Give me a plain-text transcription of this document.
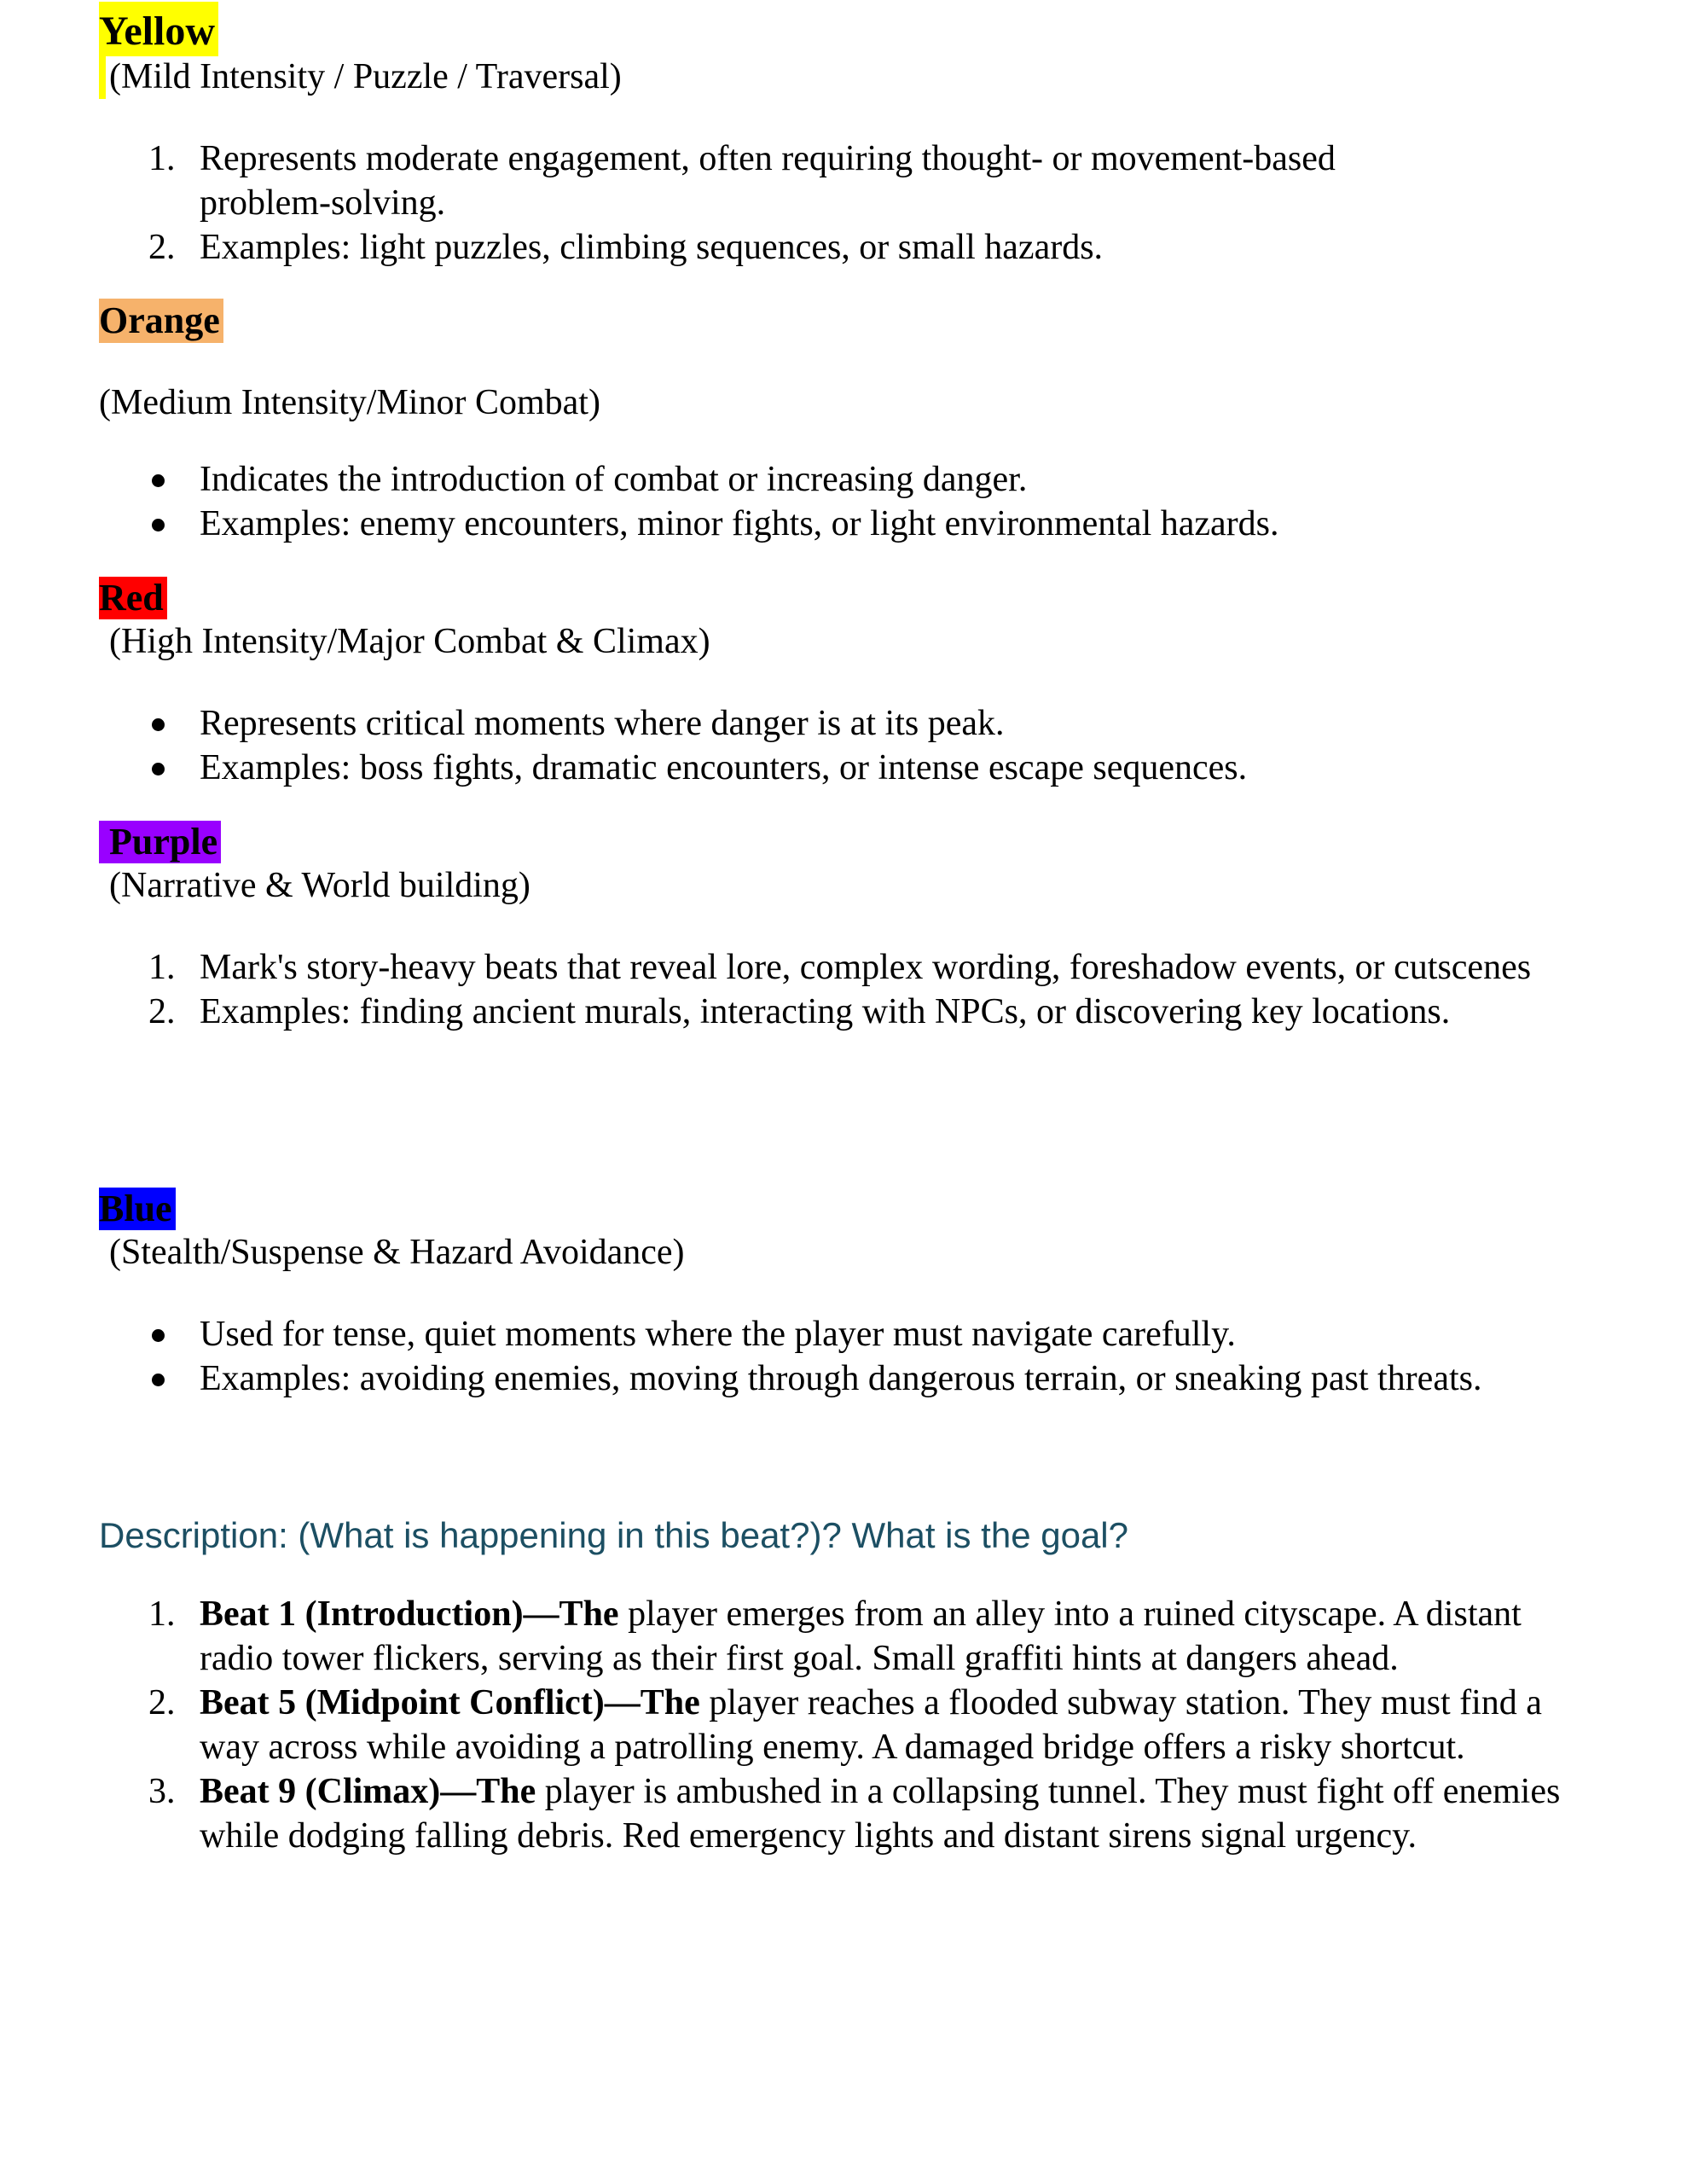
Yellow
(Mild Intensity / Puzzle / Traversal)
1. Represents moderate engagement, often requiring thought- or movement-based problem-solving.
2. Examples: light puzzles, climbing sequences, or small hazards.
Orange
(Medium Intensity/Minor Combat)
Indicates the introduction of combat or increasing danger.
Examples: enemy encounters, minor fights, or light environmental hazards.
Red
(High Intensity/Major Combat & Climax)
Represents critical moments where danger is at its peak.
Examples: boss fights, dramatic encounters, or intense escape sequences.
Purple
(Narrative & World building)
1. Mark's story-heavy beats that reveal lore, complex wording, foreshadow events, or cutscenes
2. Examples: finding ancient murals, interacting with NPCs, or discovering key locations.
Blue
(Stealth/Suspense & Hazard Avoidance)
Used for tense, quiet moments where the player must navigate carefully.
Examples: avoiding enemies, moving through dangerous terrain, or sneaking past threats.
Description: (What is happening in this beat?)? What is the goal?
1. Beat 1 (Introduction)—The player emerges from an alley into a ruined cityscape. A distant radio tower flickers, serving as their first goal. Small graffiti hints at dangers ahead.
2. Beat 5 (Midpoint Conflict)—The player reaches a flooded subway station. They must find a way across while avoiding a patrolling enemy. A damaged bridge offers a risky shortcut.
3. Beat 9 (Climax)—The player is ambushed in a collapsing tunnel. They must fight off enemies while dodging falling debris. Red emergency lights and distant sirens signal urgency.
